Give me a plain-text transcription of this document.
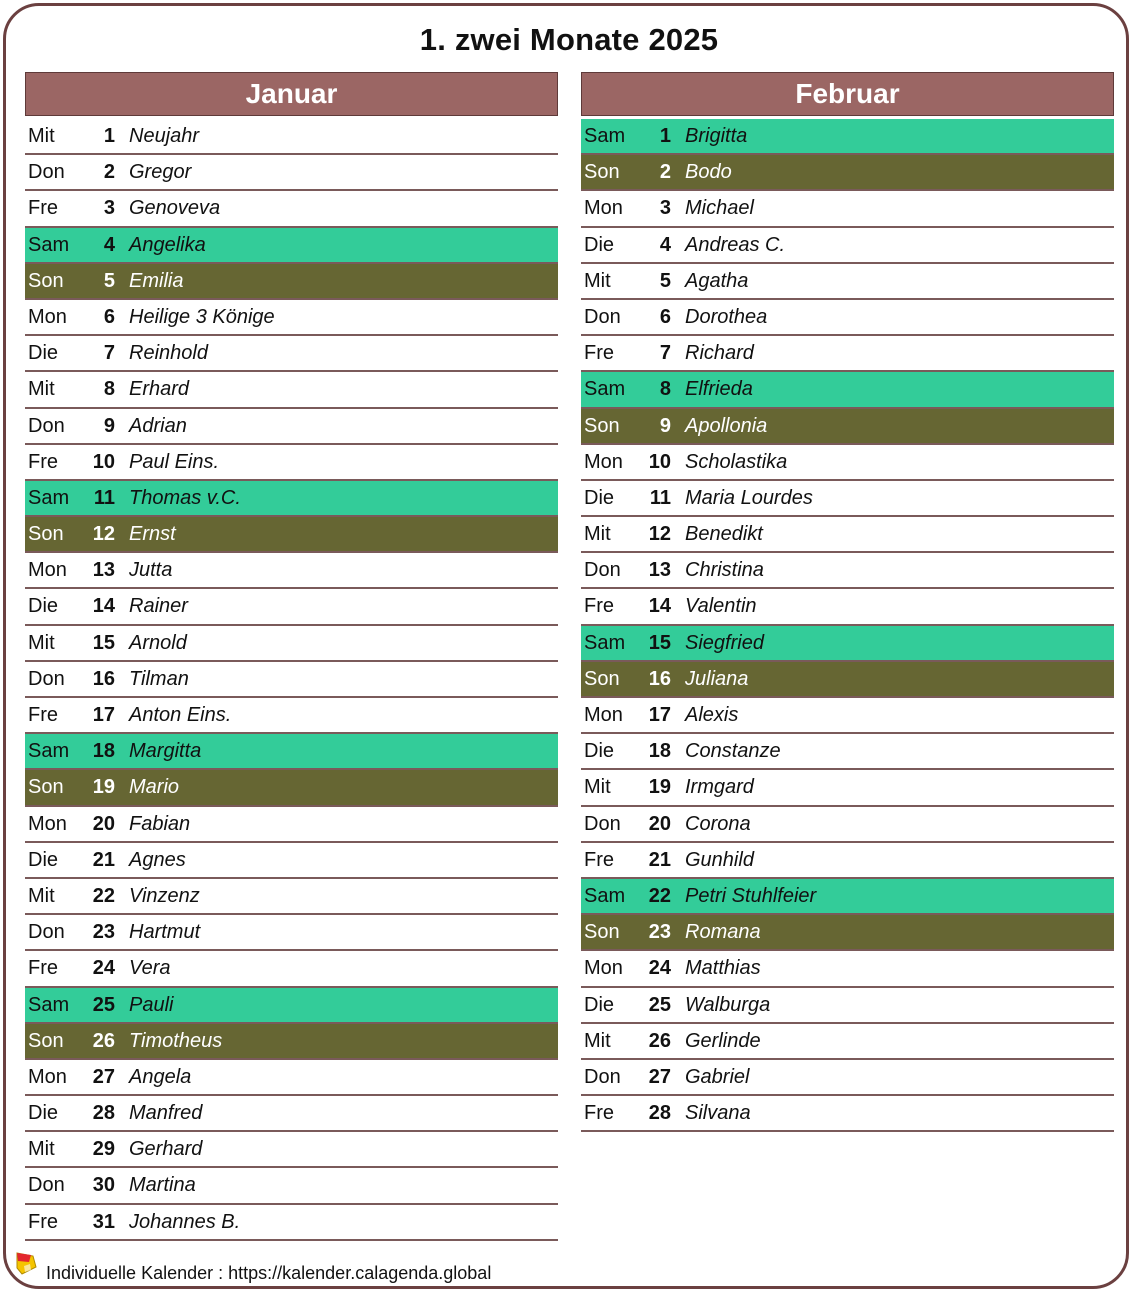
1. zwei Monate 2025
Januar
Mit	1 Neujahr
Don	2 Gregor
Fre	3 Genoveva
Sam	4 Angelika
Son	5 Emilia
Mon	6 Heilige 3 Könige
Die	7 Reinhold
Mit	8 Erhard
Don	9 Adrian
Fre	10 Paul Eins.
Sam	11 Thomas v.C.
Son	12 Ernst
Mon	13 Jutta
Die	14 Rainer
Mit	15 Arnold
Don	16 Tilman
Fre	17 Anton Eins.
Sam	18 Margitta
Son	19 Mario
Mon	20 Fabian
Die	21 Agnes
Mit	22 Vinzenz
Don	23 Hartmut
Fre	24 Vera
Sam	25 Pauli
Son	26 Timotheus
Mon	27 Angela
Die	28 Manfred
Mit	29 Gerhard
Don	30 Martina
Fre	31 Johannes B.
Februar
Sam	1 Brigitta
Son	2 Bodo
Mon	3 Michael
Die	4 Andreas C.
Mit	5 Agatha
Don	6 Dorothea
Fre	7 Richard
Sam	8 Elfrieda
Son	9 Apollonia
Mon	10 Scholastika
Die	11 Maria Lourdes
Mit	12 Benedikt
Don	13 Christina
Fre	14 Valentin
Sam	15 Siegfried
Son	16 Juliana
Mon	17 Alexis
Die	18 Constanze
Mit	19 Irmgard
Don	20 Corona
Fre	21 Gunhild
Sam	22 Petri Stuhlfeier
Son	23 Romana
Mon	24 Matthias
Die	25 Walburga
Mit	26 Gerlinde
Don	27 Gabriel
Fre	28 Silvana
Individuelle Kalender : https://kalender.calagenda.global
